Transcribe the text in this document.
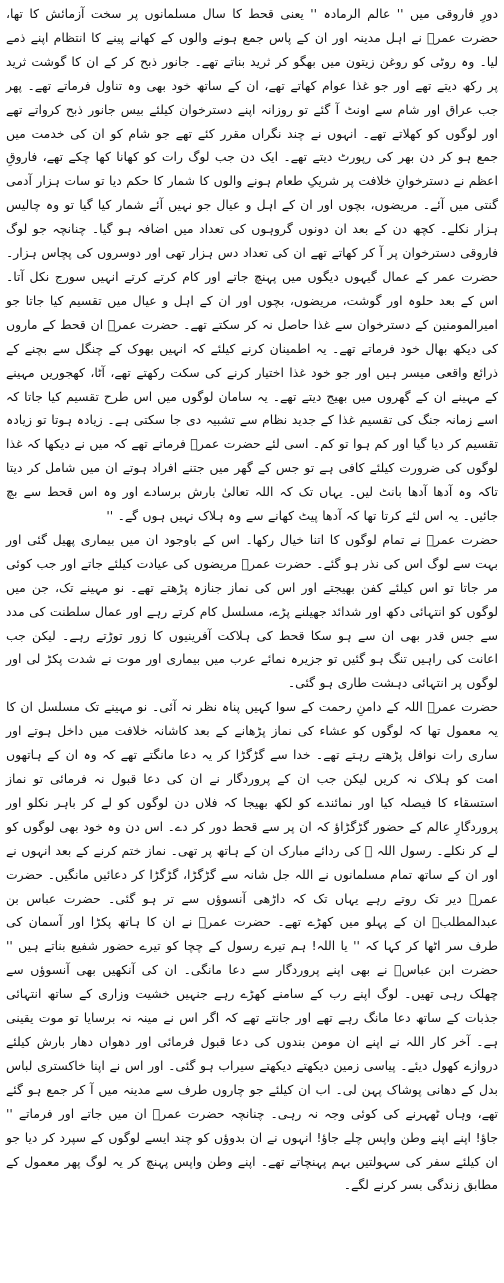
دورِ فاروقی میں '' عالم الرمادہ '' یعنی قحط کا سال مسلمانوں پر سخت آزمائش کا تھا، حضرت عمرؓ نے اہل مدینہ اور ان کے پاس جمع ہونے والوں کے کھانے پینے کا انتظام اپنے ذمے لیا۔ وہ روٹی کو روغن زیتون میں بھگو کر ثرید بناتے تھے۔ جانور ذبح کر کے ان کا گوشت ثرید پر رکھ دیتے تھے اور جو غذا عوام کھاتے تھے، ان کے ساتھ خود بھی وہ تناول فرماتے تھے۔ پھر جب عراق اور شام سے اونٹ آ گئے تو روزانہ اپنے دسترخوان کیلئے بیس جانور ذبح کرواتے تھے اور لوگوں کو کھلاتے تھے۔ انہوں نے چند نگراں مقرر کئے تھے جو شام کو ان کی خدمت میں جمع ہو کر دن بھر کی رپورٹ دیتے تھے۔ ایک دن جب لوگ رات کو کھانا کھا چکے تھے، فاروقِ اعظم نے دسترخوانِ خلافت پر شریکِ طعام ہونے والوں کا شمار کا حکم دیا تو سات ہزار آدمی گنتی میں آئے۔ مریضوں، بچوں اور ان کے اہل و عیال جو نہیں آئے شمار کیا گیا تو وہ چالیس ہزار نکلے۔ کچھ دن کے بعد ان دونوں گروہوں کی تعداد میں اضافہ ہو گیا۔ چنانچہ جو لوگ فاروقی دسترخوان پر آ کر کھاتے تھے ان کی تعداد دس ہزار تھی اور دوسروں کی پچاس ہزار۔ حضرت عمر کے عمال گیہوں دیگوں میں پہنچ جاتے اور کام کرتے کرتے انہیں سورج نکل آتا۔ اس کے بعد حلوہ اور گوشت، مریضوں، بچوں اور ان کے اہل و عیال میں تقسیم کیا جاتا جو امیرالمومنین کے دسترخوان سے غذا حاصل نہ کر سکتے تھے۔ حضرت عمرؓ ان قحط کے ماروں کی دیکھ بھال خود فرماتے تھے۔ یہ اطمینان کرنے کیلئے کہ انہیں بھوک کے چنگل سے بچنے کے ذرائع واقعی میسر ہیں اور جو خود غذا اختیار کرنے کی سکت رکھتے تھے، آٹا، کھجوریں مہینے کے مہینے ان کے گھروں میں بھیج دیتے تھے۔ یہ سامان لوگوں میں اس طرح تقسیم کیا جاتا کہ اسے زمانہ جنگ کی تقسیم غذا کے جدید نظام سے تشبیہ دی جا سکتی ہے۔ زیادہ ہوتا تو زیادہ تقسیم کر دیا گیا اور کم ہوا تو کم۔ اسی لئے حضرت عمرؓ فرماتے تھے کہ میں نے دیکھا کہ غذا لوگوں کی ضرورت کیلئے کافی ہے تو جس کے گھر میں جتنے افراد ہوتے ان میں شامل کر دیتا تاکہ وہ آدھا آدھا بانٹ لیں۔ یہاں تک کہ اللہ تعالیٰ بارش برسادے اور وہ اس قحط سے بچ جائیں۔ یہ اس لئے کرتا تھا کہ آدھا پیٹ کھانے سے وہ ہلاک نہیں ہوں گے۔ ''

حضرت عمرؓ نے تمام لوگوں کا اتنا خیال رکھا۔ اس کے باوجود ان میں بیماری پھیل گئی اور بہت سے لوگ اس کی نذر ہو گئے۔ حضرت عمرؓ مریضوں کی عیادت کیلئے جاتے اور جب کوئی مر جاتا تو اس کیلئے کفن بھیجتے اور اس کی نماز جنازہ پڑھتے تھے۔ نو مہینے تک، جن میں لوگوں کو انتہائی دکھ اور شدائد جھیلنے پڑے، مسلسل کام کرتے رہے اور عمال سلطنت کی مدد سے جس قدر بھی ان سے ہو سکا قحط کی ہلاکت آفرینیوں کا زور توڑتے رہے۔ لیکن جب اعانت کی راہیں تنگ ہو گئیں تو جزیرہ نمائے عرب میں بیماری اور موت نے شدت پکڑ لی اور لوگوں پر انتہائی دہشت طاری ہو گئی۔

حضرت عمرؓ اللہ کے دامنِ رحمت کے سوا کہیں پناہ نظر نہ آئی۔ نو مہینے تک مسلسل ان کا یہ معمول تھا کہ لوگوں کو عشاء کی نماز پڑھانے کے بعد کاشانہ خلافت میں داخل ہوتے اور ساری رات نوافل پڑھتے رہتے تھے۔ خدا سے گڑگڑا کر یہ دعا مانگتے تھے کہ وہ ان کے ہاتھوں امت کو ہلاک نہ کریں لیکن جب ان کے پروردگار نے ان کی دعا قبول نہ فرمائی تو نماز استسقاء کا فیصلہ کیا اور نمائندے کو لکھ بھیجا کہ فلاں دن لوگوں کو لے کر باہر نکلو اور پروردگارِ عالم کے حضور گڑگڑاؤ کہ ان پر سے قحط دور کر دے۔ اس دن وہ خود بھی لوگوں کو لے کر نکلے۔ رسول اللہ ﷺ کی ردائے مبارک ان کے ہاتھ پر تھی۔ نماز ختم کرنے کے بعد انہوں نے اور ان کے ساتھ تمام مسلمانوں نے اللہ جل شانہ سے گڑگڑا، گڑگڑا کر دعائیں مانگیں۔ حضرت عمرؓ دیر تک روتے رہے یہاں تک کہ داڑھی آنسوؤں سے تر ہو گئی۔ حضرت عباس بن عبدالمطلبؓ ان کے پہلو میں کھڑے تھے۔ حضرت عمرؓ نے ان کا ہاتھ پکڑا اور آسمان کی طرف سر اٹھا کر کہا کہ '' یا اللہ! ہم تیرے رسول کے چچا کو تیرے حضور شفیع بناتے ہیں '' حضرت ابن عباسؓ نے بھی اپنے پروردگار سے دعا مانگی۔ ان کی آنکھیں بھی آنسوؤں سے چھلک رہی تھیں۔ لوگ اپنے رب کے سامنے کھڑے رہے جنہیں خشیت وزاری کے ساتھ انتہائی جذبات کے ساتھ دعا مانگ رہے تھے اور جانتے تھے کہ اگر اس نے مینہ نہ برسایا تو موت یقینی ہے۔ آخر کار اللہ نے اپنے ان مومن بندوں کی دعا قبول فرمائی اور دھواں دھار بارش کیلئے دروازے کھول دیئے۔ پیاسی زمین دیکھتے دیکھتے سیراب ہو گئی۔ اور اس نے اپنا خاکستری لباس بدل کے دھانی پوشاک پہن لی۔ اب ان کیلئے جو چاروں طرف سے مدینہ میں آ کر جمع ہو گئے تھے، وہاں ٹھہرنے کی کوئی وجہ نہ رہی۔ چنانچہ حضرت عمرؓ ان میں جاتے اور فرماتے '' جاؤ! اپنے اپنے وطن واپس چلے جاؤ! انہوں نے ان بدوؤں کو چند ایسے لوگوں کے سپرد کر دیا جو ان کیلئے سفر کی سہولتیں بہم پہنچاتے تھے۔ اپنے وطن واپس پہنچ کر یہ لوگ پھر معمول کے مطابق زندگی بسر کرنے لگے۔
